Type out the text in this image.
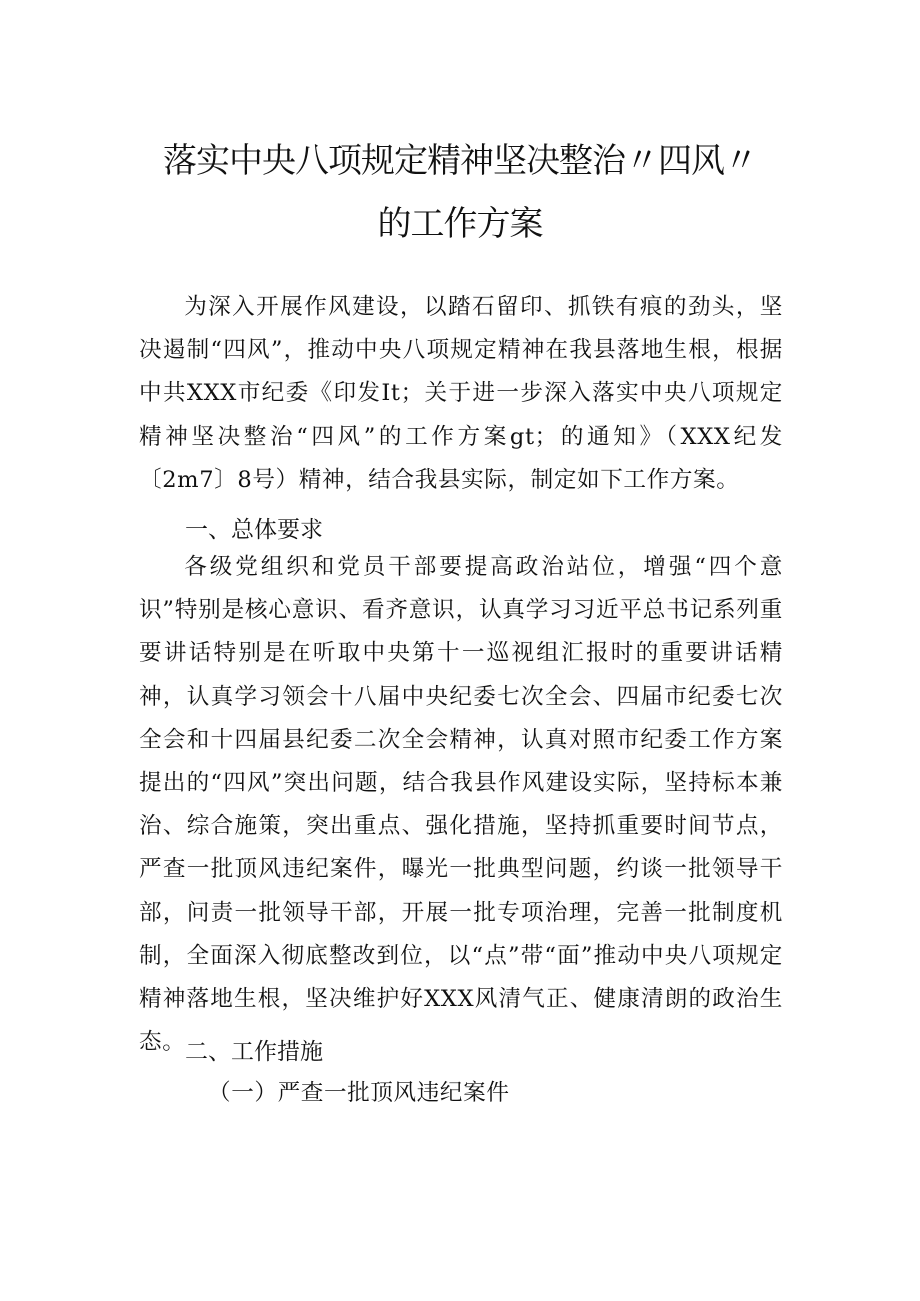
落实中央八项规定精神坚决整治〃四风〃
的工作方案

为深入开展作风建设，以踏石留印、抓铁有痕的劲头，坚决遏制“四风”，推动中央八项规定精神在我县落地生根，根据中共XXX市纪委《印发It；关于进一步深入落实中央八项规定精神坚决整治“四风”的工作方案gt；的通知》（XXX纪发〔2m7〕8号）精神，结合我县实际，制定如下工作方案。

一、总体要求

各级党组织和党员干部要提高政治站位，增强“四个意识”特别是核心意识、看齐意识，认真学习习近平总书记系列重要讲话特别是在听取中央第十一巡视组汇报时的重要讲话精神，认真学习领会十八届中央纪委七次全会、四届市纪委七次全会和十四届县纪委二次全会精神，认真对照市纪委工作方案提出的“四风”突出问题，结合我县作风建设实际，坚持标本兼治、综合施策，突出重点、强化措施，坚持抓重要时间节点，严查一批顶风违纪案件，曝光一批典型问题，约谈一批领导干部，问责一批领导干部，开展一批专项治理，完善一批制度机制，全面深入彻底整改到位，以“点”带“面”推动中央八项规定精神落地生根，坚决维护好XXX风清气正、健康清朗的政治生态。 二、工作措施
（一）严查一批顶风违纪案件
